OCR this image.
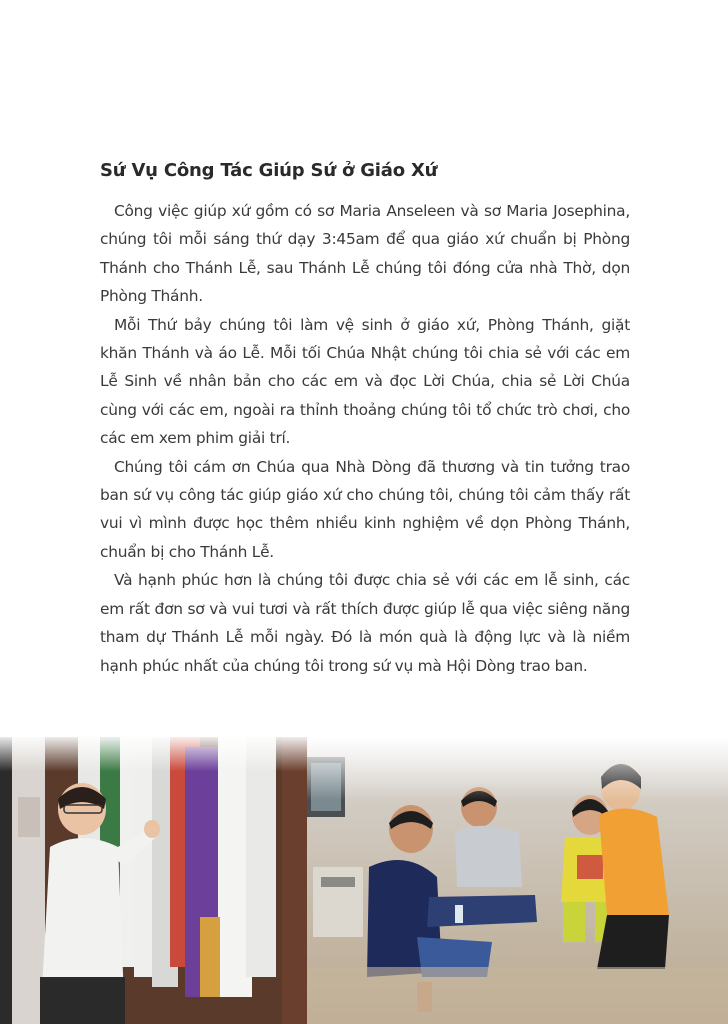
Sứ Vụ Công Tác Giúp Sứ ở Giáo Xứ

Công việc giúp xứ gồm có sơ Maria Anseleen và sơ Maria Josephina, chúng tôi mỗi sáng thứ dạy 3:45am để qua giáo xứ chuẩn bị Phòng Thánh cho Thánh Lễ, sau Thánh Lễ chúng tôi đóng cửa nhà Thờ, dọn Phòng Thánh.

Mỗi Thứ bảy chúng tôi làm vệ sinh ở giáo xứ, Phòng Thánh, giặt khăn Thánh và áo Lễ. Mỗi tối Chúa Nhật chúng tôi chia sẻ với các em Lễ Sinh về nhân bản cho các em và đọc Lời Chúa, chia sẻ Lời Chúa cùng với các em, ngoài ra thỉnh thoảng chúng tôi tổ chức trò chơi, cho các em xem phim giải trí.

Chúng tôi cám ơn Chúa qua Nhà Dòng đã thương và tin tưởng trao ban sứ vụ công tác giúp giáo xứ cho chúng tôi, chúng tôi cảm thấy rất vui vì mình được học thêm nhiều kinh nghiệm về dọn Phòng Thánh, chuẩn bị cho Thánh Lễ.

Và hạnh phúc hơn là chúng tôi được chia sẻ với các em lễ sinh, các em rất đơn sơ và vui tươi và rất thích được giúp lễ qua việc siêng năng tham dự Thánh Lễ mỗi ngày. Đó là món quà là động lực và là niềm hạnh phúc nhất của chúng tôi trong sứ vụ mà Hội Dòng trao ban.
